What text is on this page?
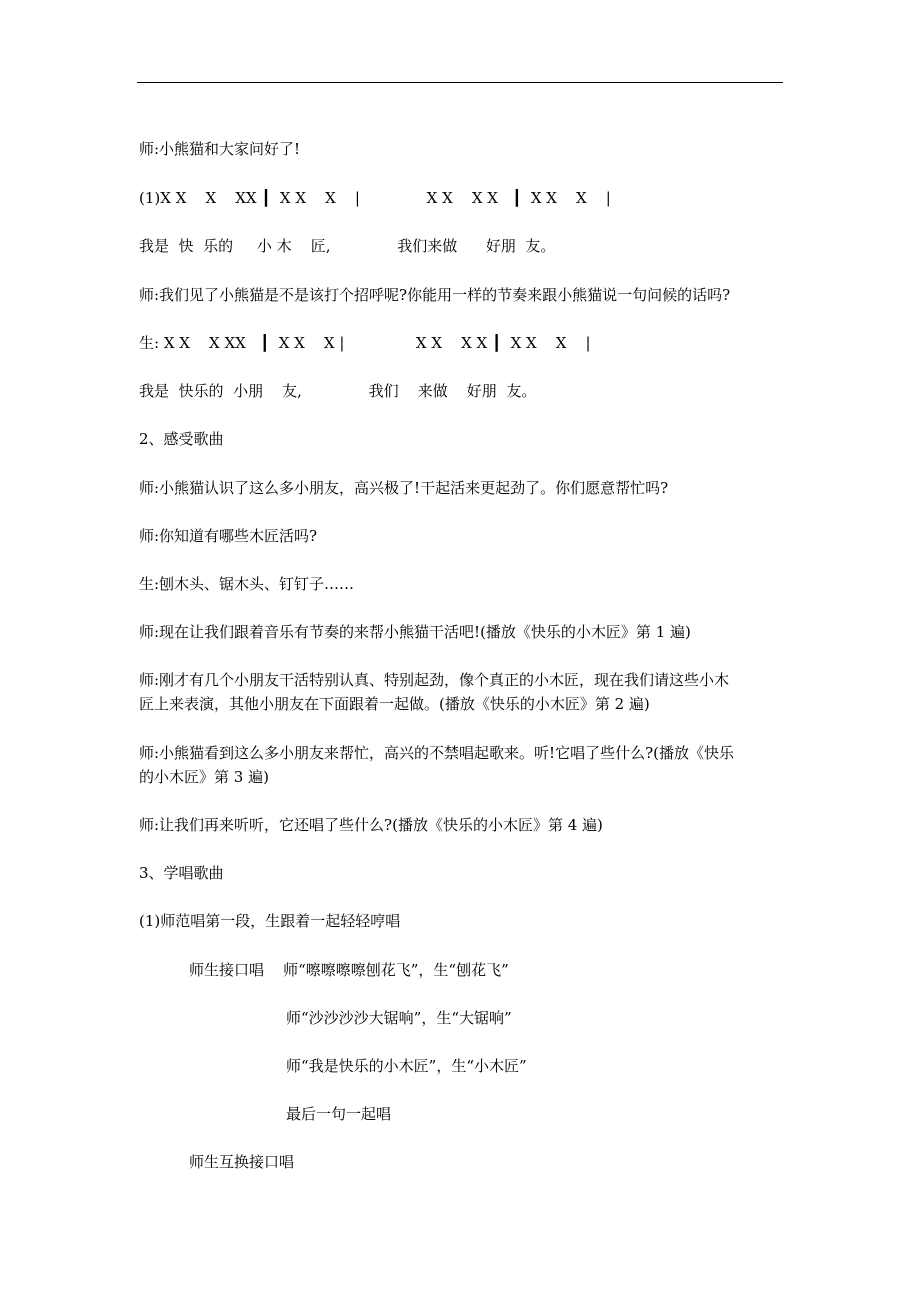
师:小熊猫和大家问好了!
(1)X X    X    XX ┃  X X    X    |              X X    X X   ┃  X X    X    |
我是  快  乐的     小 木    匠,              我们来做      好朋  友。
师:我们见了小熊猫是不是该打个招呼呢?你能用一样的节奏来跟小熊猫说一句问候的话吗?
生: X X    X XX   ┃  X X    X |               X X    X X ┃  X X    X    |
我是  快乐的  小朋    友,              我们    来做    好朋  友。
2、感受歌曲
师:小熊猫认识了这么多小朋友，高兴极了!干起活来更起劲了。你们愿意帮忙吗?
师:你知道有哪些木匠活吗?
生:刨木头、锯木头、钉钉子……
师:现在让我们跟着音乐有节奏的来帮小熊猫干活吧!(播放《快乐的小木匠》第 1 遍)
师:刚才有几个小朋友干活特别认真、特别起劲，像个真正的小木匠，现在我们请这些小木
匠上来表演，其他小朋友在下面跟着一起做。(播放《快乐的小木匠》第 2 遍)
师:小熊猫看到这么多小朋友来帮忙，高兴的不禁唱起歌来。听!它唱了些什么?(播放《快乐
的小木匠》第 3 遍)
师:让我们再来听听，它还唱了些什么?(播放《快乐的小木匠》第 4 遍)
3、学唱歌曲
(1)师范唱第一段，生跟着一起轻轻哼唱
师生接口唱    师“嚓嚓嚓嚓刨花飞”，生“刨花飞”
师“沙沙沙沙大锯响”，生“大锯响”
师“我是快乐的小木匠”，生“小木匠”
最后一句一起唱
师生互换接口唱
